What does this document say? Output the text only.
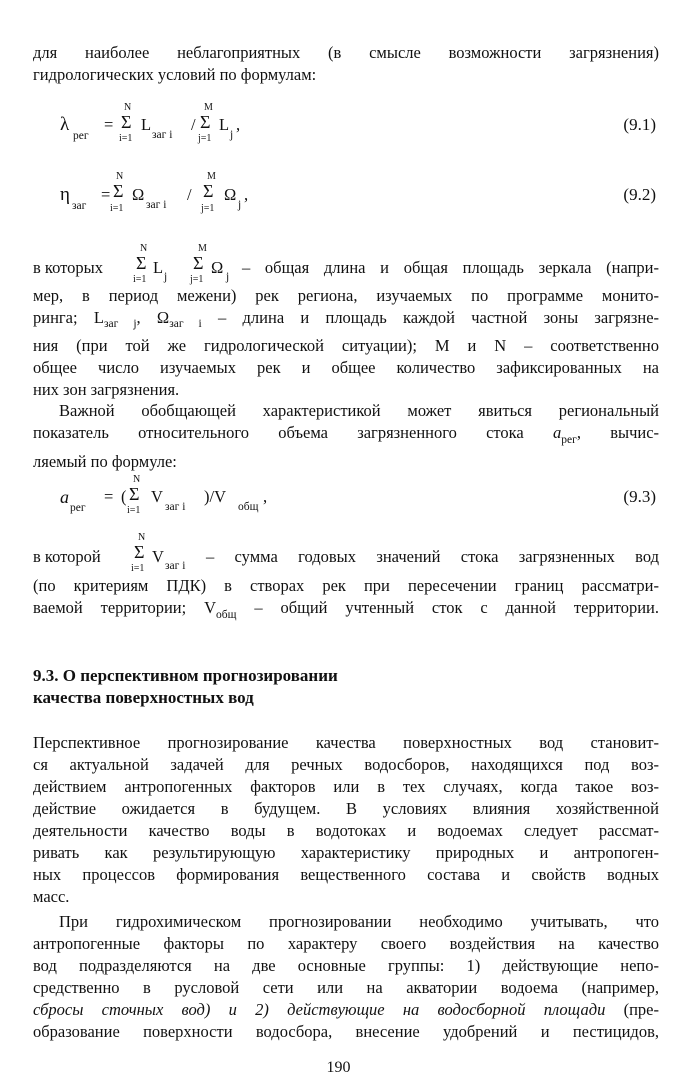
для наиболее неблагоприятных (в смысле возможности загрязнения)
гидрологических условий по формулам:
λ
рег
=
N
Σ
i=1
L
заг i
/
M
Σ
j=1
L
j
,	(9.1)
η
заг
=
N
Σ
i=1
Ω
заг i
/
M
Σ
j=1
Ω
j
,	(9.2)
в которых
N
Σ
i=1
L j
M
Σ
j=1
Ω j – общая длина и общая площадь зеркала (напри-
мер, в период межени) рек региона, изучаемых по программе монито-
ринга; $L_{заг j}$, $\Omega_{заг i}$ – длина и площадь каждой частной зоны загрязне-
ния (при той же гидрологической ситуации); M и N – соответственно
общее число изучаемых рек и общее количество зафиксированных на
них зон загрязнения.
Важной обобщающей характеристикой может явиться региональный
показатель относительного объема загрязненного стока $a_{рег}$, вычис-
ляемый по формуле:
a
рег
= (
N
Σ
i=1
V
заг i
)/V
общ
,	(9.3)
в которой
N
Σ
i=1
V заг i – сумма годовых значений стока загрязненных вод
(по критериям ПДК) в створах рек при пересечении границ рассматри-
ваемой территории; $V_{общ}$ – общий учтенный сток с данной территории.
9.3. О перспективном прогнозировании
качества поверхностных вод
Перспективное прогнозирование качества поверхностных вод становит-
ся актуальной задачей для речных водосборов, находящихся под воз-
действием антропогенных факторов или в тех случаях, когда такое воз-
действие ожидается в будущем. В условиях влияния хозяйственной
деятельности качество воды в водотоках и водоемах следует рассмат-
ривать как результирующую характеристику природных и антропоген-
ных процессов формирования вещественного состава и свойств водных
масс.
При гидрохимическом прогнозировании необходимо учитывать, что
антропогенные факторы по характеру своего воздействия на качество
вод подразделяются на две основные группы: 1) действующие непо-
средственно в русловой сети или на акватории водоема (например,
сбросы сточных вод) и 2) действующие на водосборной площади (пре-
образование поверхности водосбора, внесение удобрений и пестицидов,
190
